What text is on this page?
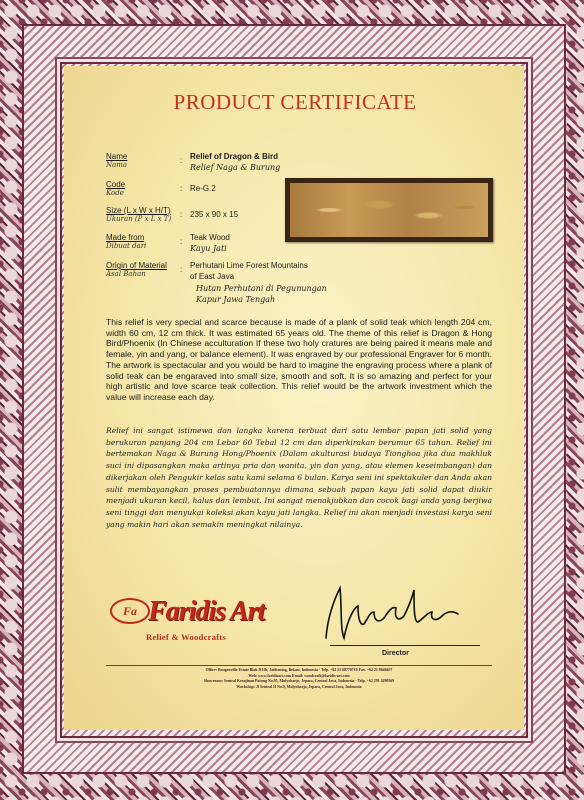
PRODUCT CERTIFICATE
Name
Nama	: Relief of Dragon & Bird
Relief Naga & Burung
Code
Kode	: Re-G.2
Size (L x W x H/T)
Ukuran (P x L x T) : 235 x 90 x 15
Made from
Dibuat dari	: Teak Wood
Kayu Jati
Origin of Material
Asal Bahan	: Perhutani Lime Forest Mountains
of East Java
Hutan Perhutani di Pegunungan
Kapur Jawa Tengah

This relief is very special and scarce because is made of a plank of solid teak which length 204 cm, width 60 cm, 12 cm thick. It was estimated 65 years old. The theme of this relief is Dragon & Hong Bird/Phoenix (In Chinese acculturation If these two holy cratures are being paired it means male and female, yin and yang, or balance element). It was engraved by our professional Engraver for 6 month. The artwork is spectacular and you would be hard to imagine the engraving process where a plank of solid teak can be engaraved into small size, smooth and soft. It is so amazing and perfect for your high artistic and love scarce teak collection. This relief would be the artwork investment which the value will increase each day.

Relief ini sangat istimewa dan langka karena terbuat dari satu lembar papan jati solid yang berukuran panjang 204 cm Lebar 60 Tebal 12 cm dan diperkirakan berumur 65 tahun. Relief ini bertemakan Naga & Burung Hong/Phoenix (Dalam akulturasi budaya Tionghoa jika dua makhluk suci ini dipasangkan maka artinya pria dan wanita, yin dan yang, atau elemen keseimbangan) dan dikerjakan oleh Pengukir kelas satu kami selama 6 bulan. Karya seni ini spektakuler dan Anda akan sulit membayangkan proses pembuatannya dimana sebuah papan kayu jati solid dapat diukir menjadi ukuran kecil, halus dan lembut. Ini sangat menakjubkan dan cocok bagi anda yang berjiwa seni tinggi dan menyukai koleksi akan kayu jati langka. Relief ini akan menjadi investasi karya seni yang makin hari akan semakin meningkat nilainya.

Fa Faridis Art
Relief & Woodcrafts
Director
Office: Bougenville Estate Blok D11b, Jatibening, Bekasi, Indonesia - Telp. +62 21 68770719 Fax. +62 21 8646457
Web: www.faridisart.com Email: woodcraft@faridis-art.com
Showroom: Sentral Kerajinan Patung No.95, Mulyoharjo, Jepara, Central Java, Indonesia - Telp. +62 291 4290569
Workshop: Jl Sentral II No.9, Mulyoharjo, Jepara, Central Java, Indonesia
